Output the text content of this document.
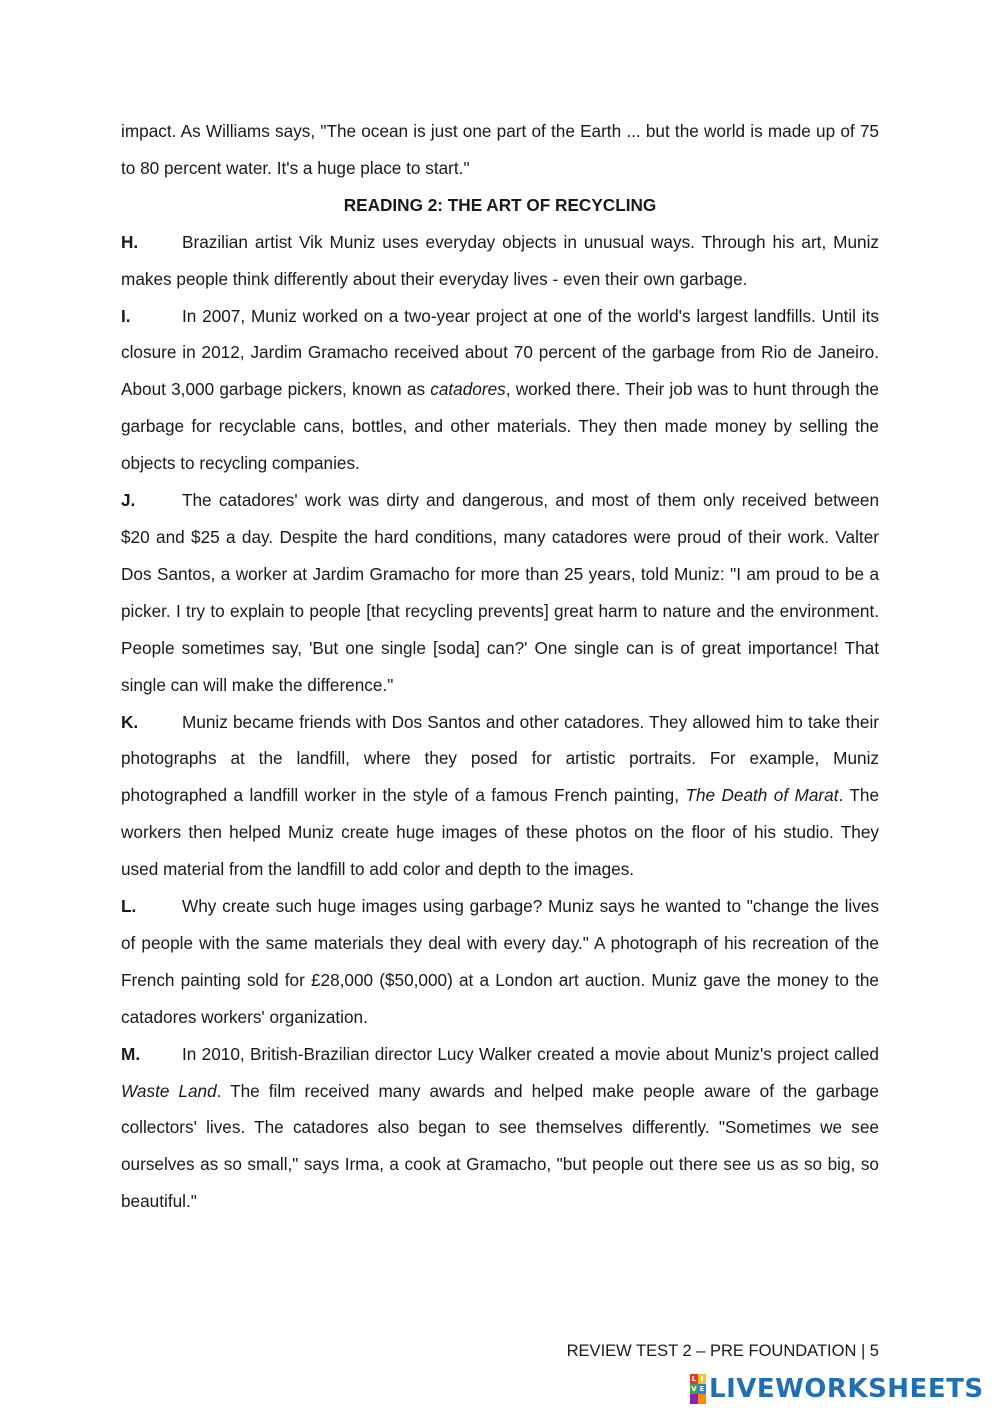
impact. As Williams says, "The ocean is just one part of the Earth ... but the world is made up of 75 to 80 percent water. It's a huge place to start."

READING 2: THE ART OF RECYCLING

H.	Brazilian artist Vik Muniz uses everyday objects in unusual ways. Through his art, Muniz makes people think differently about their everyday lives - even their own garbage.

I.	In 2007, Muniz worked on a two-year project at one of the world's largest landfills. Until its closure in 2012, Jardim Gramacho received about 70 percent of the garbage from Rio de Janeiro. About 3,000 garbage pickers, known as catadores, worked there. Their job was to hunt through the garbage for recyclable cans, bottles, and other materials. They then made money by selling the objects to recycling companies.

J.	The catadores' work was dirty and dangerous, and most of them only received between $20 and $25 a day. Despite the hard conditions, many catadores were proud of their work. Valter Dos Santos, a worker at Jardim Gramacho for more than 25 years, told Muniz: "I am proud to be a picker. I try to explain to people [that recycling prevents] great harm to nature and the environment. People sometimes say, 'But one single [soda] can?' One single can is of great importance! That single can will make the difference."

K.	Muniz became friends with Dos Santos and other catadores. They allowed him to take their photographs at the landfill, where they posed for artistic portraits. For example, Muniz photographed a landfill worker in the style of a famous French painting, The Death of Marat. The workers then helped Muniz create huge images of these photos on the floor of his studio. They used material from the landfill to add color and depth to the images.

L.	Why create such huge images using garbage? Muniz says he wanted to "change the lives of people with the same materials they deal with every day." A photograph of his recreation of the French painting sold for £28,000 ($50,000) at a London art auction. Muniz gave the money to the catadores workers' organization.

M. In 2010, British-Brazilian director Lucy Walker created a movie about Muniz's project called Waste Land. The film received many awards and helped make people aware of the garbage collectors' lives. The catadores also began to see themselves differently. "Sometimes we see ourselves as so small," says Irma, a cook at Gramacho, "but people out there see us as so big, so beautiful."

REVIEW TEST 2 – PRE FOUNDATION | 5
L I
V E LIVEWORKSHEETS
